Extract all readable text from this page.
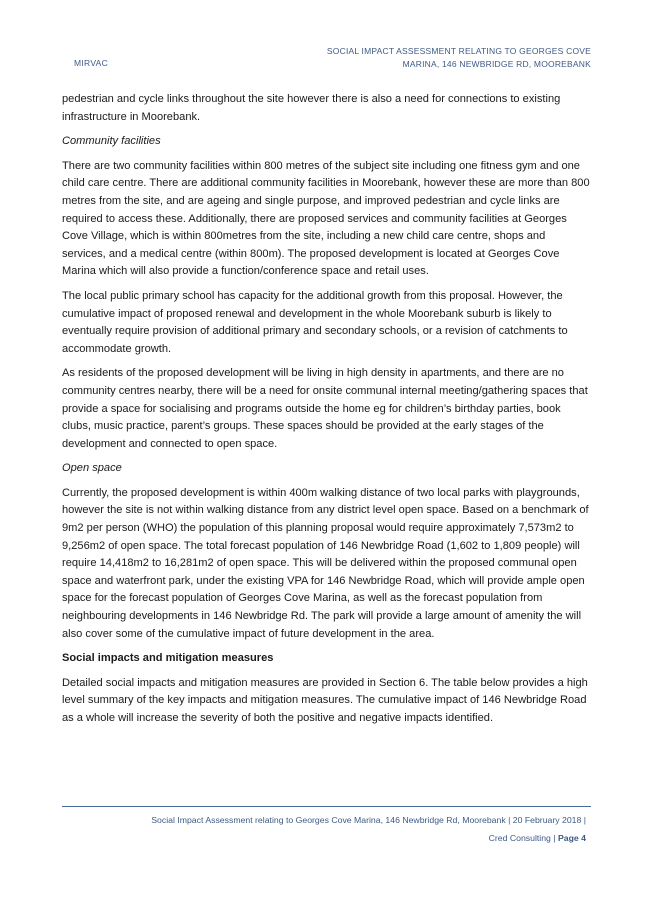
MIRVAC
SOCIAL IMPACT ASSESSMENT RELATING TO GEORGES COVE
MARINA, 146 NEWBRIDGE RD, MOOREBANK

pedestrian and cycle links throughout the site however there is also a need for connections to existing infrastructure in Moorebank.

Community facilities

There are two community facilities within 800 metres of the subject site including one fitness gym and one child care centre. There are additional community facilities in Moorebank, however these are more than 800 metres from the site, and are ageing and single purpose, and improved pedestrian and cycle links are required to access these. Additionally, there are proposed services and community facilities at Georges Cove Village, which is within 800metres from the site, including a new child care centre, shops and services, and a medical centre (within 800m). The proposed development is located at Georges Cove Marina which will also provide a function/conference space and retail uses.

The local public primary school has capacity for the additional growth from this proposal. However, the cumulative impact of proposed renewal and development in the whole Moorebank suburb is likely to eventually require provision of additional primary and secondary schools, or a revision of catchments to accommodate growth.

As residents of the proposed development will be living in high density in apartments, and there are no community centres nearby, there will be a need for onsite communal internal meeting/gathering spaces that provide a space for socialising and programs outside the home eg for children’s birthday parties, book clubs, music practice, parent’s groups. These spaces should be provided at the early stages of the development and connected to open space.

Open space

Currently, the proposed development is within 400m walking distance of two local parks with playgrounds, however the site is not within walking distance from any district level open space. Based on a benchmark of 9m2 per person (WHO) the population of this planning proposal would require approximately 7,573m2 to 9,256m2 of open space. The total forecast population of 146 Newbridge Road (1,602 to 1,809 people) will require 14,418m2 to 16,281m2 of open space. This will be delivered within the proposed communal open space and waterfront park, under the existing VPA for 146 Newbridge Road, which will provide ample open space for the forecast population of Georges Cove Marina, as well as the forecast population from neighbouring developments in 146 Newbridge Rd. The park will provide a large amount of amenity the will also cover some of the cumulative impact of future development in the area.

Social impacts and mitigation measures

Detailed social impacts and mitigation measures are provided in Section 6. The table below provides a high level summary of the key impacts and mitigation measures. The cumulative impact of 146 Newbridge Road as a whole will increase the severity of both the positive and negative impacts identified.

Social Impact Assessment relating to Georges Cove Marina, 146 Newbridge Rd, Moorebank | 20 February 2018 |
Cred Consulting | Page 4
